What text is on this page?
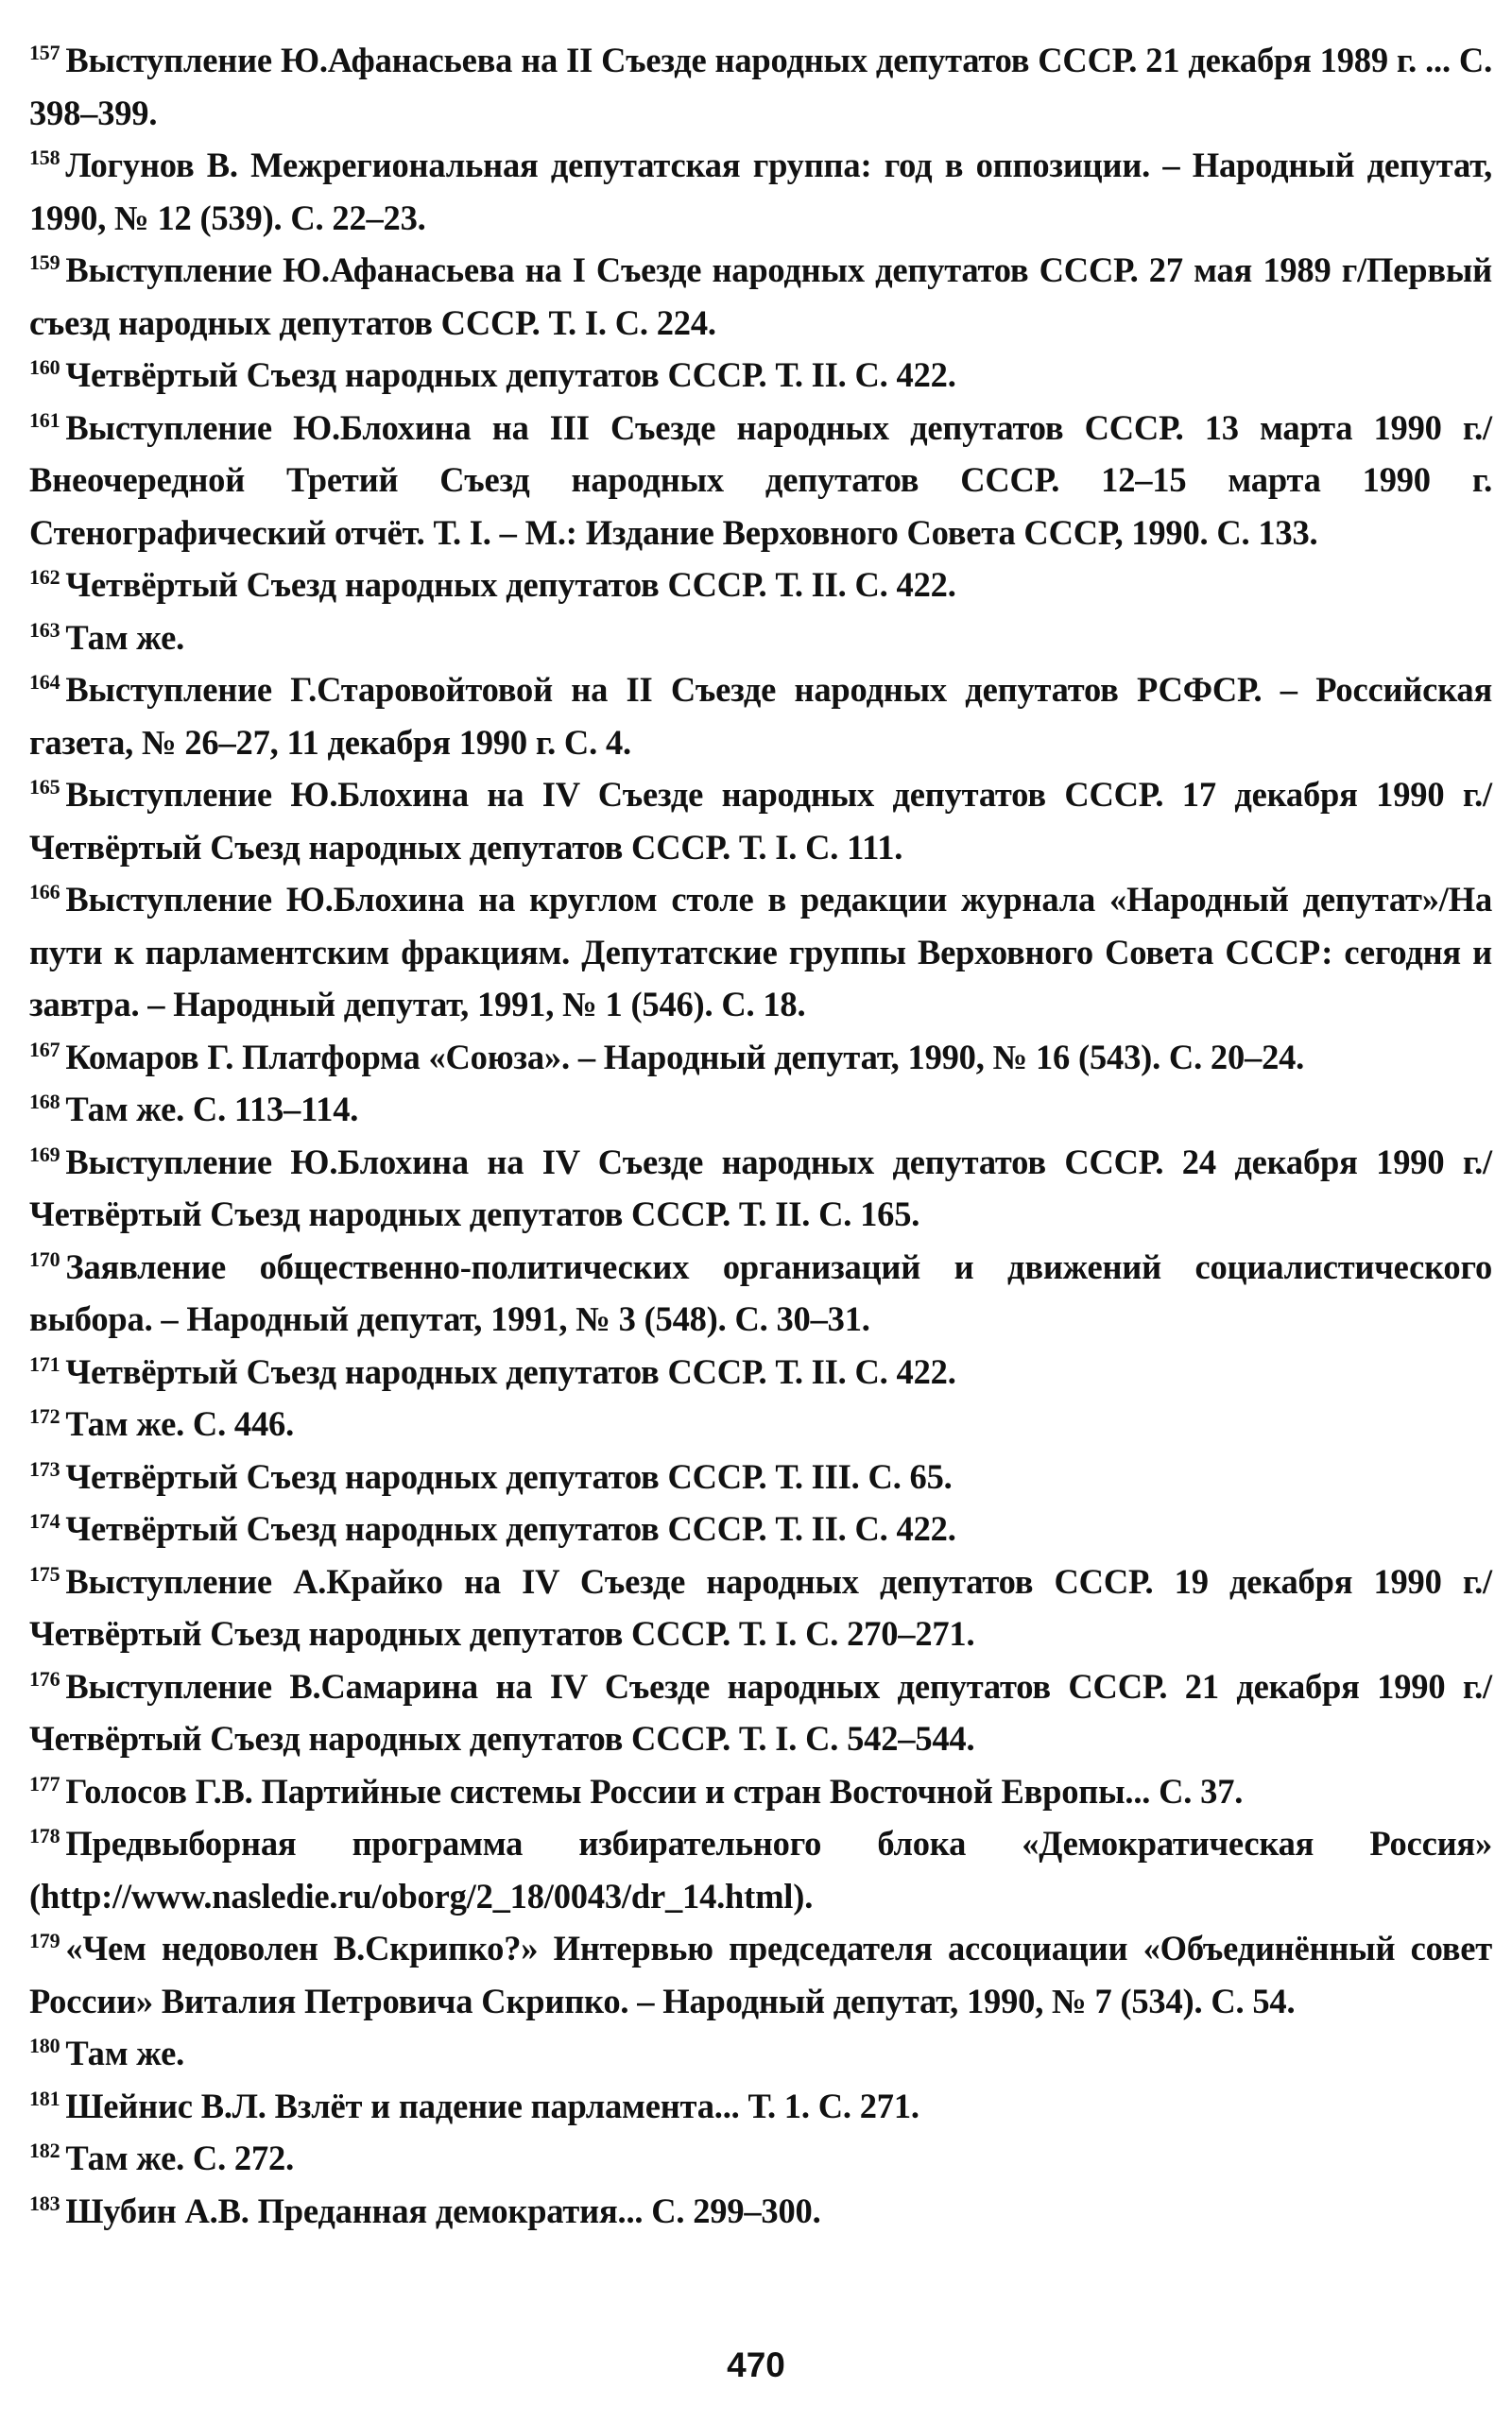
$^{157}$ Выступление Ю.Афанасьева на II Съезде народных депутатов СССР. 21 декабря 1989 г. ... С. 398–399.

$^{158}$ Логунов В. Межрегиональная депутатская группа: год в оппозиции. – Народный депутат, 1990, № 12 (539). С. 22–23.

$^{159}$ Выступление Ю.Афанасьева на I Съезде народных депутатов СССР. 27 мая 1989 г/Первый съезд народных депутатов СССР. Т. I. С. 224.

$^{160}$ Четвёртый Съезд народных депутатов СССР. Т. II. С. 422.

$^{161}$ Выступление Ю.Блохина на III Съезде народных депутатов СССР. 13 марта 1990 г./Внеочередной Третий Съезд народных депутатов СССР. 12–15 марта 1990 г. Стенографический отчёт. Т. I. – М.: Издание Верховного Совета СССР, 1990. С. 133.

$^{162}$ Четвёртый Съезд народных депутатов СССР. Т. II. С. 422.

$^{163}$ Там же.

$^{164}$ Выступление Г.Старовойтовой на II Съезде народных депутатов РСФСР. – Российская газета, № 26–27, 11 декабря 1990 г. С. 4.

$^{165}$ Выступление Ю.Блохина на IV Съезде народных депутатов СССР. 17 декабря 1990 г./Четвёртый Съезд народных депутатов СССР. Т. I. С. 111.

$^{166}$ Выступление Ю.Блохина на круглом столе в редакции журнала «Народный депутат»/На пути к парламентским фракциям. Депутатские группы Верховного Совета СССР: сегодня и завтра. – Народный депутат, 1991, № 1 (546). С. 18.

$^{167}$ Комаров Г. Платформа «Союза». – Народный депутат, 1990, № 16 (543). С. 20–24.

$^{168}$ Там же. С. 113–114.

$^{169}$ Выступление Ю.Блохина на IV Съезде народных депутатов СССР. 24 декабря 1990 г./Четвёртый Съезд народных депутатов СССР. Т. II. С. 165.

$^{170}$ Заявление общественно-политических организаций и движений социалистического выбора. – Народный депутат, 1991, № 3 (548). С. 30–31.

$^{171}$ Четвёртый Съезд народных депутатов СССР. Т. II. С. 422.

$^{172}$ Там же. С. 446.

$^{173}$ Четвёртый Съезд народных депутатов СССР. Т. III. С. 65.

$^{174}$ Четвёртый Съезд народных депутатов СССР. Т. II. С. 422.

$^{175}$ Выступление А.Крайко на IV Съезде народных депутатов СССР. 19 декабря 1990 г./Четвёртый Съезд народных депутатов СССР. Т. I. С. 270–271.

$^{176}$ Выступление В.Самарина на IV Съезде народных депутатов СССР. 21 декабря 1990 г./Четвёртый Съезд народных депутатов СССР. Т. I. С. 542–544.

$^{177}$ Голосов Г.В. Партийные системы России и стран Восточной Европы... С. 37.

$^{178}$ Предвыборная программа избирательного блока «Демократическая Россия» (http://www.nasledie.ru/oborg/2_18/0043/dr_14.html).

$^{179}$ «Чем недоволен В.Скрипко?» Интервью председателя ассоциации «Объединённый совет России» Виталия Петровича Скрипко. – Народный депутат, 1990, № 7 (534). С. 54.

$^{180}$ Там же.

$^{181}$ Шейнис В.Л. Взлёт и падение парламента... Т. 1. С. 271.

$^{182}$ Там же. С. 272.

$^{183}$ Шубин А.В. Преданная демократия... С. 299–300.

470
